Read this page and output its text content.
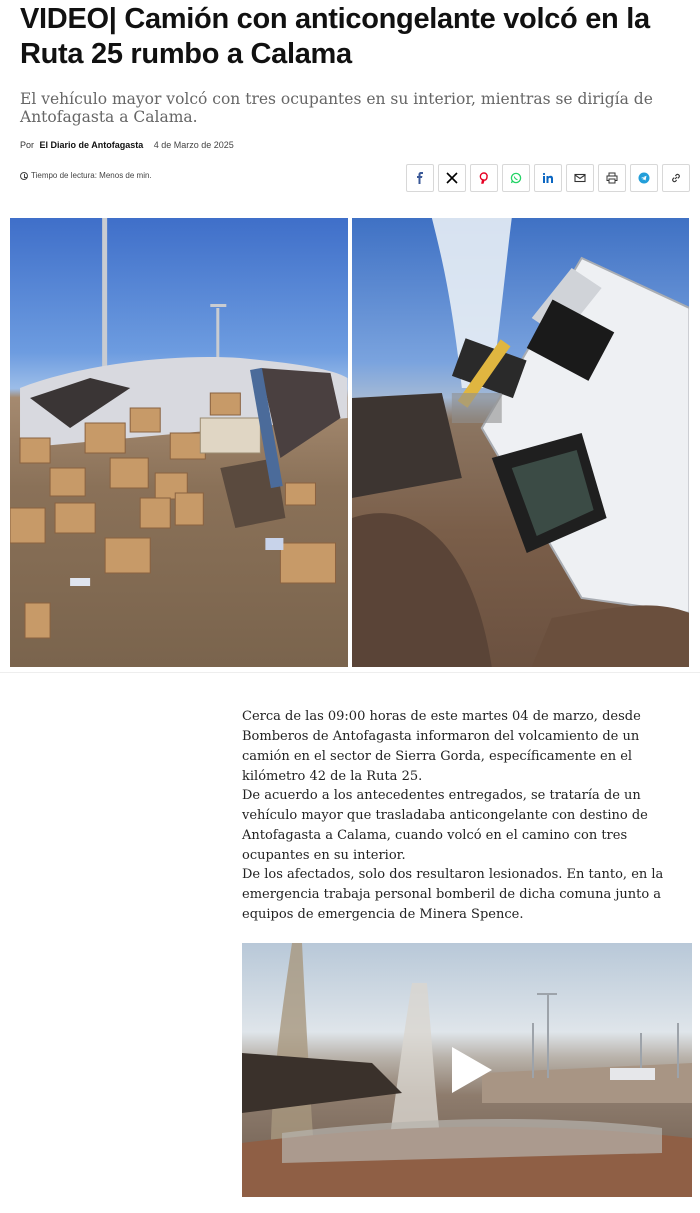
VIDEO| Camión con anticongelante volcó en la Ruta 25 rumbo a Calama

El vehículo mayor volcó con tres ocupantes en su interior, mientras se dirigía de Antofagasta a Calama.

Por El Diario de Antofagasta 4 de Marzo de 2025
Tiempo de lectura: Menos de min.

Cerca de las 09:00 horas de este martes 04 de marzo, desde Bomberos de Antofagasta informaron del volcamiento de un camión en el sector de Sierra Gorda, específicamente en el kilómetro 42 de la Ruta 25.

De acuerdo a los antecedentes entregados, se trataría de un vehículo mayor que trasladaba anticongelante con destino de Antofagasta a Calama, cuando volcó en el camino con tres ocupantes en su interior.

De los afectados, solo dos resultaron lesionados. En tanto, en la emergencia trabaja personal bomberil de dicha comuna junto a equipos de emergencia de Minera Spence.
